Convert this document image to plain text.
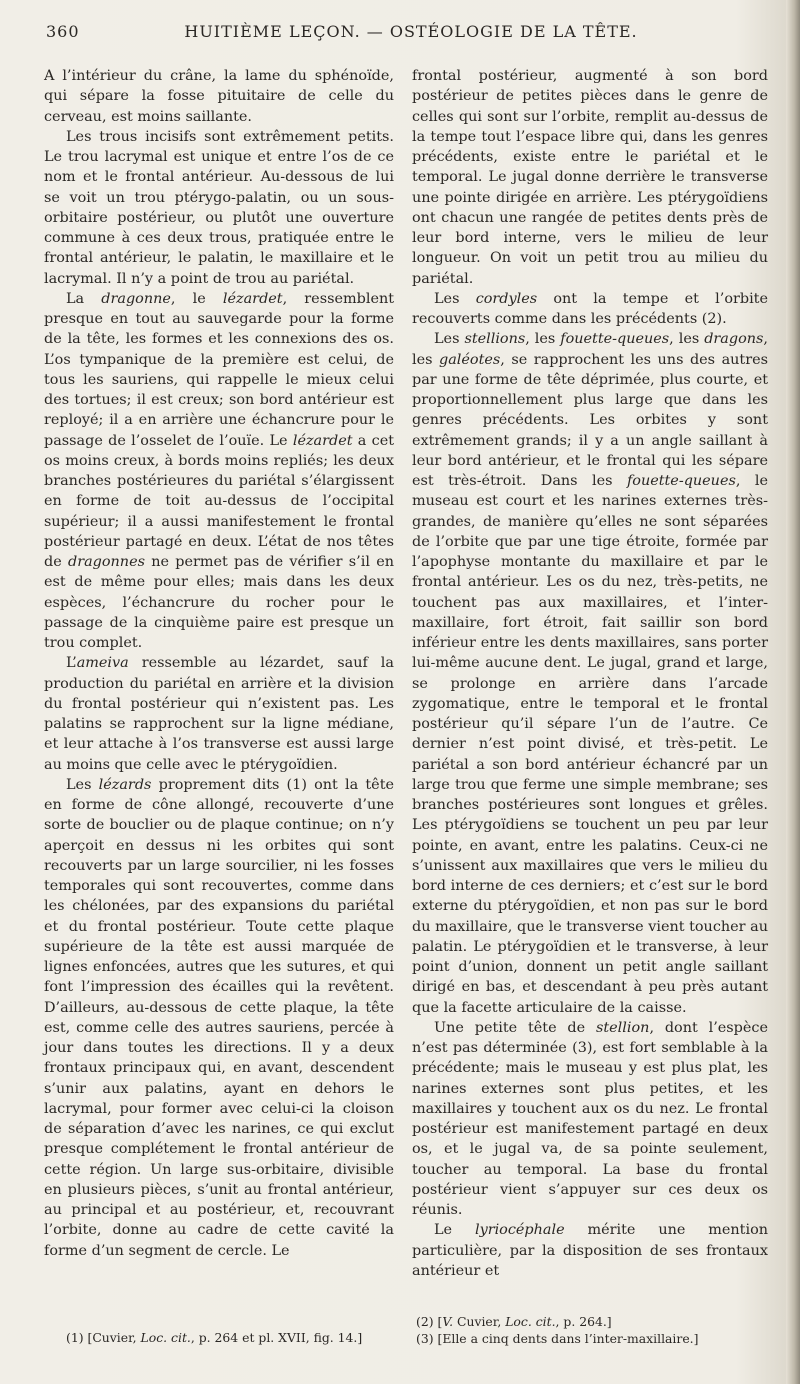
360	HUITIÈME LEÇON. — OSTÉOLOGIE DE LA TÊTE.

A l’intérieur du crâne, la lame du sphénoïde, qui sépare la fosse pituitaire de celle du cerveau, est moins saillante.

Les trous incisifs sont extrêmement petits. Le trou lacrymal est unique et entre l’os de ce nom et le frontal antérieur. Au-dessous de lui se voit un trou ptérygo-palatin, ou un sous-orbitaire postérieur, ou plutôt une ouverture commune à ces deux trous, pratiquée entre le frontal antérieur, le palatin, le maxillaire et le lacrymal. Il n’y a point de trou au pariétal.

La dragonne, le lézardet, ressemblent presque en tout au sauvegarde pour la forme de la tête, les formes et les connexions des os. L’os tympanique de la première est celui, de tous les sauriens, qui rappelle le mieux celui des tortues; il est creux; son bord antérieur est reployé; il a en arrière une échancrure pour le passage de l’osselet de l’ouïe. Le lézardet a cet os moins creux, à bords moins repliés; les deux branches postérieures du pariétal s’élargissent en forme de toit au-dessus de l’occipital supérieur; il a aussi manifestement le frontal postérieur partagé en deux. L’état de nos têtes de dragonnes ne permet pas de vérifier s’il en est de même pour elles; mais dans les deux espèces, l’échancrure du rocher pour le passage de la cinquième paire est presque un trou complet.

L’ameiva ressemble au lézardet, sauf la production du pariétal en arrière et la division du frontal postérieur qui n’existent pas. Les palatins se rapprochent sur la ligne médiane, et leur attache à l’os transverse est aussi large au moins que celle avec le ptérygoïdien.

Les lézards proprement dits (1) ont la tête en forme de cône allongé, recouverte d’une sorte de bouclier ou de plaque continue; on n’y aperçoit en dessus ni les orbites qui sont recouverts par un large sourcilier, ni les fosses temporales qui sont recouvertes, comme dans les chélonées, par des expansions du pariétal et du frontal postérieur. Toute cette plaque supérieure de la tête est aussi marquée de lignes enfoncées, autres que les sutures, et qui font l’impression des écailles qui la revêtent. D’ailleurs, au-dessous de cette plaque, la tête est, comme celle des autres sauriens, percée à jour dans toutes les directions. Il y a deux frontaux principaux qui, en avant, descendent s’unir aux palatins, ayant en dehors le lacrymal, pour former avec celui-ci la cloison de séparation d’avec les narines, ce qui exclut presque complétement le frontal antérieur de cette région. Un large sus-orbitaire, divisible en plusieurs pièces, s’unit au frontal antérieur, au principal et au postérieur, et, recouvrant l’orbite, donne au cadre de cette cavité la forme d’un segment de cercle. Le

frontal postérieur, augmenté à son bord postérieur de petites pièces dans le genre de celles qui sont sur l’orbite, remplit au-dessus de la tempe tout l’espace libre qui, dans les genres précédents, existe entre le pariétal et le temporal. Le jugal donne derrière le transverse une pointe dirigée en arrière. Les ptérygoïdiens ont chacun une rangée de petites dents près de leur bord interne, vers le milieu de leur longueur. On voit un petit trou au milieu du pariétal.

Les cordyles ont la tempe et l’orbite recouverts comme dans les précédents (2).

Les stellions, les fouette-queues, les dragons, les galéotes, se rapprochent les uns des autres par une forme de tête déprimée, plus courte, et proportionnellement plus large que dans les genres précédents. Les orbites y sont extrêmement grands; il y a un angle saillant à leur bord antérieur, et le frontal qui les sépare est très-étroit. Dans les fouette-queues, le museau est court et les narines externes très-grandes, de manière qu’elles ne sont séparées de l’orbite que par une tige étroite, formée par l’apophyse montante du maxillaire et par le frontal antérieur. Les os du nez, très-petits, ne touchent pas aux maxillaires, et l’inter-maxillaire, fort étroit, fait saillir son bord inférieur entre les dents maxillaires, sans porter lui-même aucune dent. Le jugal, grand et large, se prolonge en arrière dans l’arcade zygomatique, entre le temporal et le frontal postérieur qu’il sépare l’un de l’autre. Ce dernier n’est point divisé, et très-petit. Le pariétal a son bord antérieur échancré par un large trou que ferme une simple membrane; ses branches postérieures sont longues et grêles. Les ptérygoïdiens se touchent un peu par leur pointe, en avant, entre les palatins. Ceux-ci ne s’unissent aux maxillaires que vers le milieu du bord interne de ces derniers; et c’est sur le bord externe du ptérygoïdien, et non pas sur le bord du maxillaire, que le transverse vient toucher au palatin. Le ptérygoïdien et le transverse, à leur point d’union, donnent un petit angle saillant dirigé en bas, et descendant à peu près autant que la facette articulaire de la caisse.

Une petite tête de stellion, dont l’espèce n’est pas déterminée (3), est fort semblable à la précédente; mais le museau y est plus plat, les narines externes sont plus petites, et les maxillaires y touchent aux os du nez. Le frontal postérieur est manifestement partagé en deux os, et le jugal va, de sa pointe seulement, toucher au temporal. La base du frontal postérieur vient s’appuyer sur ces deux os réunis.

Le lyriocéphale mérite une mention particulière, par la disposition de ses frontaux antérieur et

(1) [Cuvier, Loc. cit., p. 264 et pl. XVII, fig. 14.]
(2) [V. Cuvier, Loc. cit., p. 264.]
(3) [Elle a cinq dents dans l’inter-maxillaire.]
